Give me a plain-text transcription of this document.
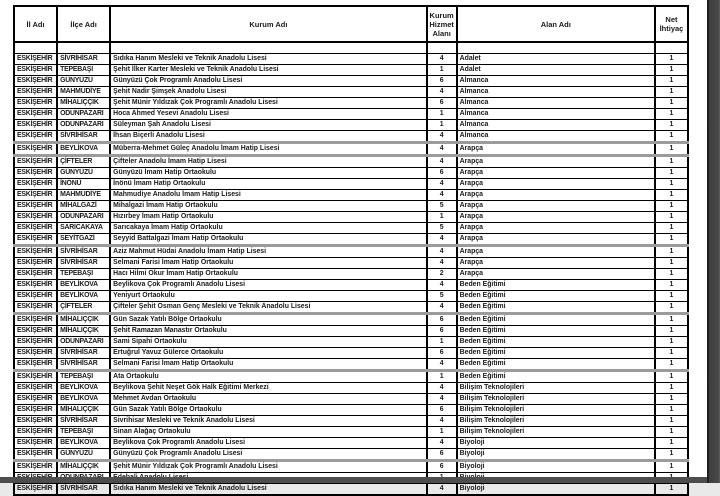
İl Adı	İlçe Adı	Kurum Adı	Kurum Hizmet Alanı	Alan Adı	Net İhtiyaç

ESKİŞEHİR	SİVRİHİSAR	Sıdıka Hanım Mesleki ve Teknik Anadolu Lisesi	4	Adalet	1
ESKİŞEHİR	TEPEBAŞI	Şehit İlker Karter Mesleki ve Teknik Anadolu Lisesi	1	Adalet	1
ESKİŞEHİR	GÜNYÜZÜ	Günyüzü Çok Programlı Anadolu Lisesi	6	Almanca	1
ESKİŞEHİR	MAHMUDİYE	Şehit Nadir Şimşek Anadolu Lisesi	4	Almanca	1
ESKİŞEHİR	MİHALIÇÇIK	Şehit Münir Yıldızak Çok Programlı Anadolu Lisesi	6	Almanca	1
ESKİŞEHİR	ODUNPAZARI	Hoca Ahmed Yesevi Anadolu Lisesi	1	Almanca	1
ESKİŞEHİR	ODUNPAZARI	Süleyman Şah Anadolu Lisesi	1	Almanca	1
ESKİŞEHİR	SİVRİHİSAR	İhsan Biçerli Anadolu Lisesi	4	Almanca	1
ESKİŞEHİR	BEYLİKOVA	Müberra-Mehmet Güleç Anadolu İmam Hatip Lisesi	4	Arapça	1
ESKİŞEHİR	ÇİFTELER	Çifteler Anadolu İmam Hatip Lisesi	4	Arapça	1
ESKİŞEHİR	GÜNYÜZÜ	Günyüzü İmam Hatip Ortaokulu	6	Arapça	1
ESKİŞEHİR	İNÖNÜ	İnönü İmam Hatip Ortaokulu	4	Arapça	1
ESKİŞEHİR	MAHMUDİYE	Mahmudiye Anadolu İmam Hatip Lisesi	4	Arapça	1
ESKİŞEHİR	MİHALGAZİ	Mihalgazi İmam Hatip Ortaokulu	5	Arapça	1
ESKİŞEHİR	ODUNPAZARI	Hızırbey İmam Hatip Ortaokulu	1	Arapça	1
ESKİŞEHİR	SARICAKAYA	Sarıcakaya İmam Hatip Ortaokulu	5	Arapça	1
ESKİŞEHİR	SEYİTGAZİ	Seyyid Battalgazi İmam Hatip Ortaokulu	4	Arapça	1
ESKİŞEHİR	SİVRİHİSAR	Aziz Mahmut Hüdai Anadolu İmam Hatip Lisesi	4	Arapça	1
ESKİŞEHİR	SİVRİHİSAR	Selmani Farisi İmam Hatip Ortaokulu	4	Arapça	1
ESKİŞEHİR	TEPEBAŞI	Hacı Hilmi Okur İmam Hatip Ortaokulu	2	Arapça	1
ESKİŞEHİR	BEYLİKOVA	Beylikova Çok Programlı Anadolu Lisesi	4	Beden Eğitimi	1
ESKİŞEHİR	BEYLİKOVA	Yeniyurt Ortaokulu	5	Beden Eğitimi	1
ESKİŞEHİR	ÇİFTELER	Çifteler Şehit Osman Genç Mesleki ve Teknik Anadolu Lisesi	4	Beden Eğitimi	1
ESKİŞEHİR	MİHALIÇÇIK	Gün Sazak Yatılı Bölge Ortaokulu	6	Beden Eğitimi	1
ESKİŞEHİR	MİHALIÇÇIK	Şehit Ramazan Manastır Ortaokulu	6	Beden Eğitimi	1
ESKİŞEHİR	ODUNPAZARI	Sami Sipahi Ortaokulu	1	Beden Eğitimi	1
ESKİŞEHİR	SİVRİHİSAR	Ertuğrul Yavuz Gülerce Ortaokulu	6	Beden Eğitimi	1
ESKİŞEHİR	SİVRİHİSAR	Selmani Farisi İmam Hatip Ortaokulu	4	Beden Eğitimi	1
ESKİŞEHİR	TEPEBAŞI	Ata Ortaokulu	1	Beden Eğitimi	1
ESKİŞEHİR	BEYLİKOVA	Beylikova Şehit Neşet Gök Halk Eğitimi Merkezi	4	Bilişim Teknolojileri	1
ESKİŞEHİR	BEYLİKOVA	Mehmet Avdan Ortaokulu	4	Bilişim Teknolojileri	1
ESKİŞEHİR	MİHALIÇÇIK	Gün Sazak Yatılı Bölge Ortaokulu	6	Bilişim Teknolojileri	1
ESKİŞEHİR	SİVRİHİSAR	Sivrihisar Mesleki ve Teknik Anadolu Lisesi	4	Bilişim Teknolojileri	1
ESKİŞEHİR	TEPEBAŞI	Sinan Alağaç Ortaokulu	1	Bilişim Teknolojileri	1
ESKİŞEHİR	BEYLİKOVA	Beylikova Çok Programlı Anadolu Lisesi	4	Biyoloji	1
ESKİŞEHİR	GÜNYÜZÜ	Günyüzü Çok Programlı Anadolu Lisesi	6	Biyoloji	1
ESKİŞEHİR	MİHALIÇÇIK	Şehit Münir Yıldızak Çok Programlı Anadolu Lisesi	6	Biyoloji	1

ESKİŞEHİR	SİVRİHİSAR	Sıdıka Hanım Mesleki ve Teknik Anadolu Lisesi	4	Biyoloji	1
